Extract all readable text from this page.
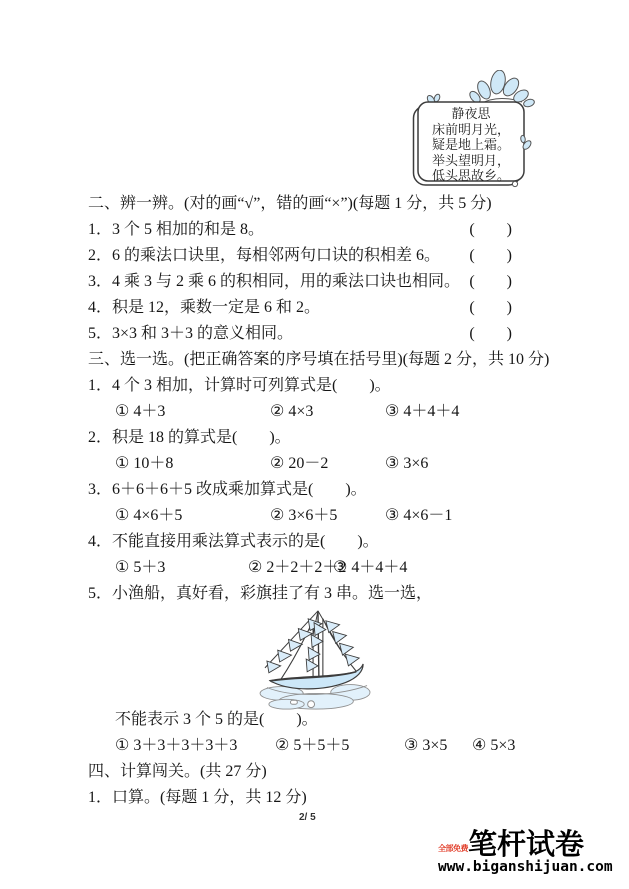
静夜思
床前明月光，
疑是地上霜。
举头望明月，
低头思故乡。
二、辨一辨。(对的画“√”，错的画“×”)(每题 1 分，共 5 分)
1．3 个 5 相加的和是 8。	(　　)
2．6 的乘法口诀里，每相邻两句口诀的积相差 6。 (　　)
3．4 乘 3 与 2 乘 6 的积相同，用的乘法口诀也相同。 (　　)
4．积是 12，乘数一定是 6 和 2。	(　　)
5．3×3 和 3＋3 的意义相同。	(　　)
三、选一选。(把正确答案的序号填在括号里)(每题 2 分，共 10 分)
1．4 个 3 相加，计算时可列算式是(　　)。
① 4＋3	② 4×3	③ 4＋4＋4
2．积是 18 的算式是(　　)。
① 10＋8	② 20－2	③ 3×6
3．6＋6＋6＋5 改成乘加算式是(　　)。
① 4×6＋5	② 3×6＋5	③ 4×6－1
4．不能直接用乘法算式表示的是(　　)。
① 5＋3	② 2＋2＋2＋2
③ 4＋4＋4
5．小渔船，真好看，彩旗挂了有 3 串。选一选，
不能表示 3 个 5 的是(　　)。
① 3＋3＋3＋3＋3	② 5＋5＋5	③ 3×5	④ 5×3
四、计算闯关。(共 27 分)
1．口算。(每题 1 分，共 12 分)
2/ 5
全部免费 笔杆试卷
www.biganshijuan.com
